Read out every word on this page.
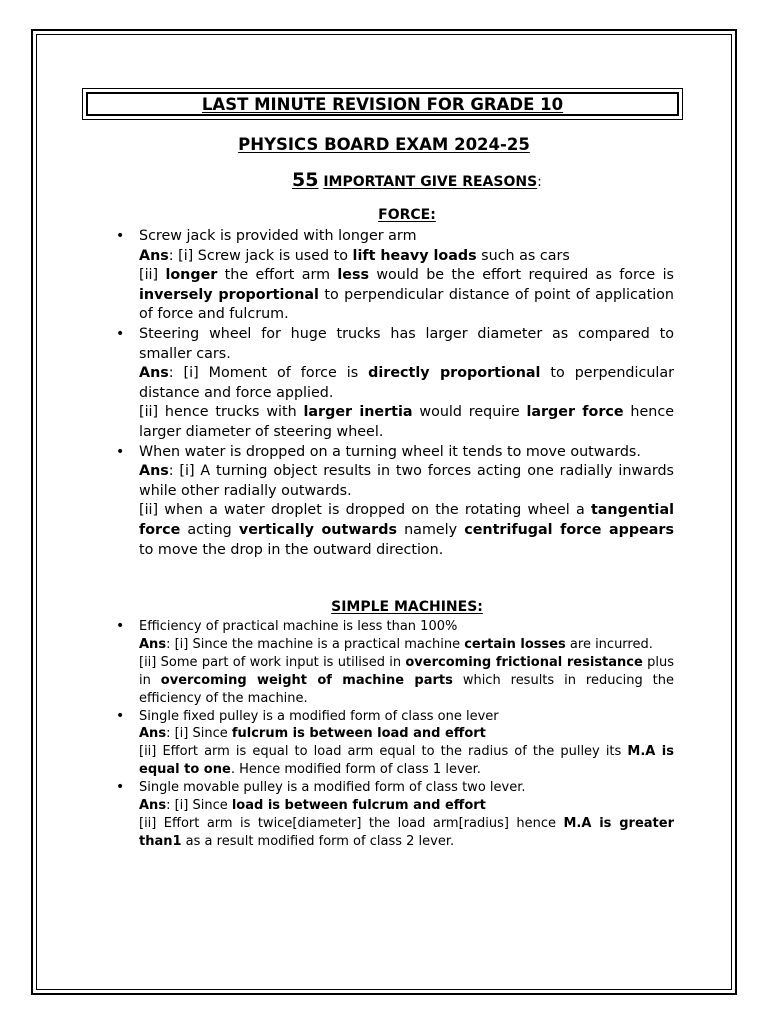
LAST MINUTE REVISION FOR GRADE 10
PHYSICS BOARD EXAM 2024-25
55 IMPORTANT GIVE REASONS:
FORCE:

• Screw jack is provided with longer arm

Ans: [i] Screw jack is used to lift heavy loads such as cars

[ii] longer the effort arm less would be the effort required as force is inversely proportional to perpendicular distance of point of application of force and fulcrum.

• Steering wheel for huge trucks has larger diameter as compared to smaller cars.

Ans: [i] Moment of force is directly proportional to perpendicular distance and force applied.

[ii] hence trucks with larger inertia would require larger force hence larger diameter of steering wheel.

• When water is dropped on a turning wheel it tends to move outwards.

Ans: [i] A turning object results in two forces acting one radially inwards while other radially outwards.

[ii] when a water droplet is dropped on the rotating wheel a tangential force acting vertically outwards namely centrifugal force appears to move the drop in the outward direction.

SIMPLE MACHINES:

• Efficiency of practical machine is less than 100%

Ans: [i] Since the machine is a practical machine certain losses are incurred.

[ii] Some part of work input is utilised in overcoming frictional resistance plus in overcoming weight of machine parts which results in reducing the efficiency of the machine.

• Single fixed pulley is a modified form of class one lever

Ans: [i] Since fulcrum is between load and effort

[ii] Effort arm is equal to load arm equal to the radius of the pulley its M.A is equal to one. Hence modified form of class 1 lever.

• Single movable pulley is a modified form of class two lever.

Ans: [i] Since load is between fulcrum and effort

[ii] Effort arm is twice[diameter] the load arm[radius] hence M.A is greater than1 as a result modified form of class 2 lever.
